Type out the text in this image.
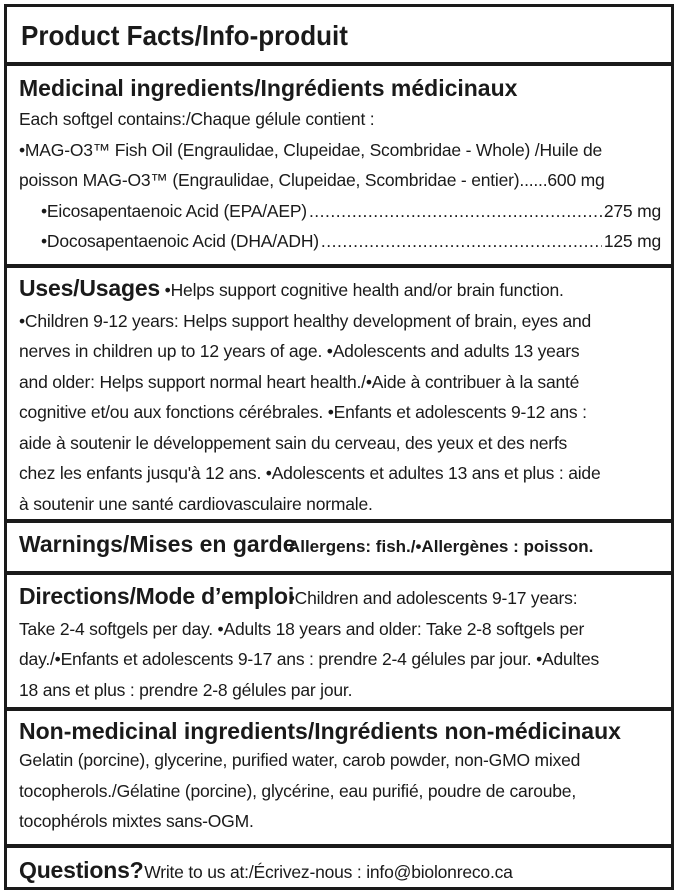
Product Facts/Info-produit
Medicinal ingredients/Ingrédients médicinaux
Each softgel contains:/Chaque gélule contient :
•MAG-O3™ Fish Oil (Engraulidae, Clupeidae, Scombridae - Whole) /Huile de
poisson MAG-O3™ (Engraulidae, Clupeidae, Scombridae - entier)......600 mg
•Eicosapentaenoic Acid (EPA/AEP) .....	275 mg
•Docosapentaenoic Acid (DHA/ADH) .....	125 mg
Uses/Usages •Helps support cognitive health and/or brain function.
•Children 9-12 years: Helps support healthy development of brain, eyes and
nerves in children up to 12 years of age. •Adolescents and adults 13 years
and older: Helps support normal heart health./•Aide à contribuer à la santé
cognitive et/ou aux fonctions cérébrales. •Enfants et adolescents 9-12 ans :
aide à soutenir le développement sain du cerveau, des yeux et des nerfs
chez les enfants jusqu'à 12 ans. •Adolescents et adultes 13 ans et plus : aide
à soutenir une santé cardiovasculaire normale.
Warnings/Mises en garde Allergens: fish./•Allergènes : poisson.
Directions/Mode d’emploi •Children and adolescents 9-17 years:
Take 2-4 softgels per day. •Adults 18 years and older: Take 2-8 softgels per
day./•Enfants et adolescents 9-17 ans : prendre 2-4 gélules par jour. •Adultes
18 ans et plus : prendre 2-8 gélules par jour.
Non-medicinal ingredients/Ingrédients non-médicinaux
Gelatin (porcine), glycerine, purified water, carob powder, non-GMO mixed
tocopherols./Gélatine (porcine), glycérine, eau purifié, poudre de caroube,
tocophérols mixtes sans-OGM.
Questions? Write to us at:/Écrivez-nous : info@biolonreco.ca
